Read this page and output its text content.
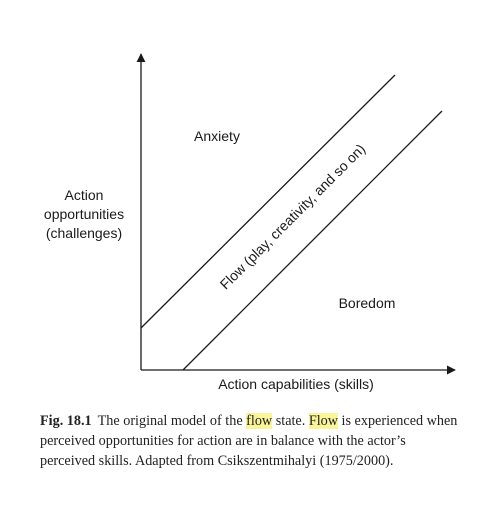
Anxiety
Boredom
Flow (play, creativity, and so on)
Action
opportunities
(challenges)
Action capabilities (skills)
Fig. 18.1 The original model of the flow state. Flow is experienced when perceived opportunities for action are in balance with the actor’s perceived skills. Adapted from Csikszentmihalyi (1975/2000).
